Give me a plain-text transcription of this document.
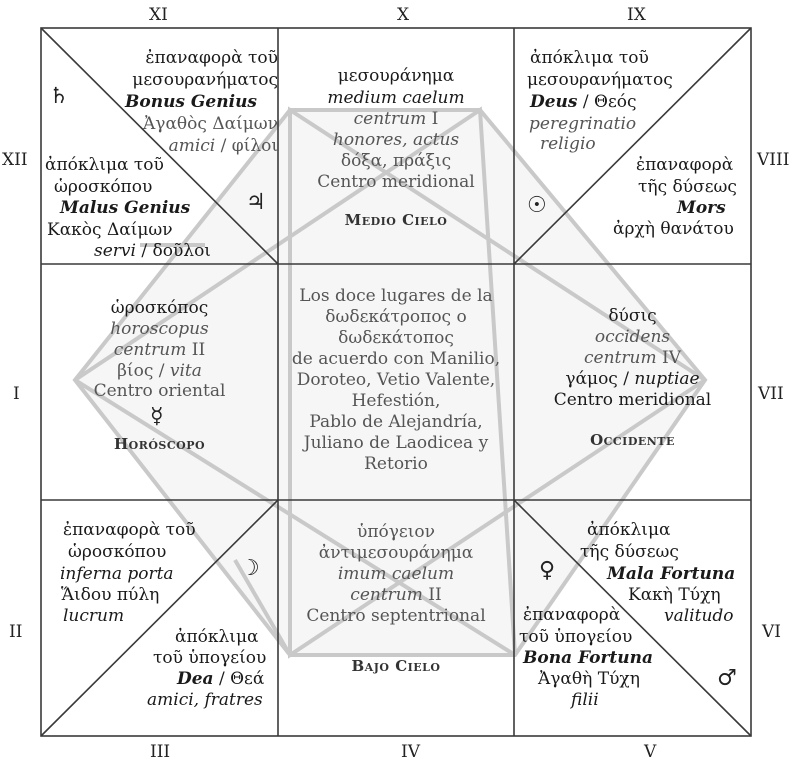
XI	X	IX
XII	VIII
I	VII
II	VI
III	IV	V
♄
♃	☉
☿
☽	♀
♂
ἐπαναφορὰ τοῦ
μεσουρανήματος
Bonus Genius
Ἀγαθὸς Δαίμων
amici / φίλοι
ἀπόκλιμα τοῦ
ὡροσκόπου
Malus Genius
Κακὸς Δαίμων
servi / δοῦλοι
μεσουράνημα
medium caelum
centrum I
honores, actus
δόξα, πράξις
Centro meridional
Medio Cielo
ἀπόκλιμα τοῦ
μεσουρανήματος
Deus / Θεός
peregrinatio
religio
ἐπαναφορὰ
τῆς δύσεως
Mors
ἀρχὴ θανάτου
ὡροσκόπος
horoscopus
centrum II
βίος / vita
Centro oriental
Horóscopo
Los doce lugares de la
δωδεκάτροπος o
δωδεκάτοπος
de acuerdo con Manilio,
Doroteo, Vetio Valente,
Hefestión,
Pablo de Alejandría,
Juliano de Laodicea y
Retorio
δύσις
occidens
centrum IV
γάμος / nuptiae
Centro meridional
Occidente
ἐπαναφορὰ τοῦ
ὡροσκόπου
inferna porta
Ἅιδου πύλη
lucrum
ἀπόκλιμα
τοῦ ὑπογείου
Dea / Θεά
amici, fratres
ὑπόγειον
ἀντιμεσουράνημα
imum caelum
centrum II
Centro septentrional
Bajo Cielo
ἀπόκλιμα
τῆς δύσεως
Mala Fortuna
Κακὴ Τύχη
valitudo
ἐπαναφορὰ
τοῦ ὑπογείου
Bona Fortuna
Ἀγαθὴ Τύχη
filii
